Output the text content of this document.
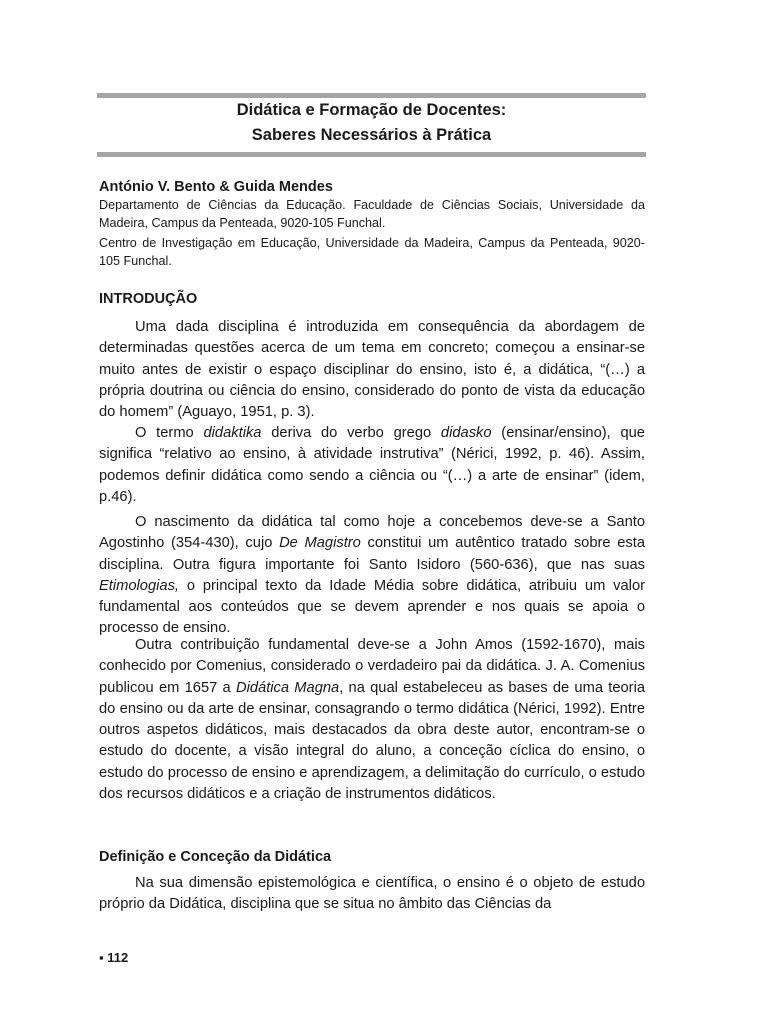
Didática e Formação de Docentes:
Saberes Necessários à Prática
António V. Bento & Guida Mendes
Departamento de Ciências da Educação. Faculdade de Ciências Sociais, Universidade da Madeira, Campus da Penteada, 9020-105 Funchal.
Centro de Investigação em Educação, Universidade da Madeira, Campus da Penteada, 9020-105 Funchal.
INTRODUÇÃO

Uma dada disciplina é introduzida em consequência da abordagem de determinadas questões acerca de um tema em concreto; começou a ensinar-se muito antes de existir o espaço disciplinar do ensino, isto é, a didática, “(…) a própria doutrina ou ciência do ensino, considerado do ponto de vista da educação do homem” (Aguayo, 1951, p. 3).

O termo didaktika deriva do verbo grego didasko (ensinar/ensino), que significa “relativo ao ensino, à atividade instrutiva” (Nérici, 1992, p. 46). Assim, podemos definir didática como sendo a ciência ou “(…) a arte de ensinar” (idem, p.46).

O nascimento da didática tal como hoje a concebemos deve-se a Santo Agostinho (354-430), cujo De Magistro constitui um autêntico tratado sobre esta disciplina. Outra figura importante foi Santo Isidoro (560-636), que nas suas Etimologias, o principal texto da Idade Média sobre didática, atribuiu um valor fundamental aos conteúdos que se devem aprender e nos quais se apoia o processo de ensino.

Outra contribuição fundamental deve-se a John Amos (1592-1670), mais conhecido por Comenius, considerado o verdadeiro pai da didática. J. A. Comenius publicou em 1657 a Didática Magna, na qual estabeleceu as bases de uma teoria do ensino ou da arte de ensinar, consagrando o termo didática (Nérici, 1992). Entre outros aspetos didáticos, mais destacados da obra deste autor, encontram-se o estudo do docente, a visão integral do aluno, a conceção cíclica do ensino, o estudo do processo de ensino e aprendizagem, a delimitação do currículo, o estudo dos recursos didáticos e a criação de instrumentos didáticos.

Definição e Conceção da Didática

Na sua dimensão epistemológica e científica, o ensino é o objeto de estudo próprio da Didática, disciplina que se situa no âmbito das Ciências da

▪ 112
